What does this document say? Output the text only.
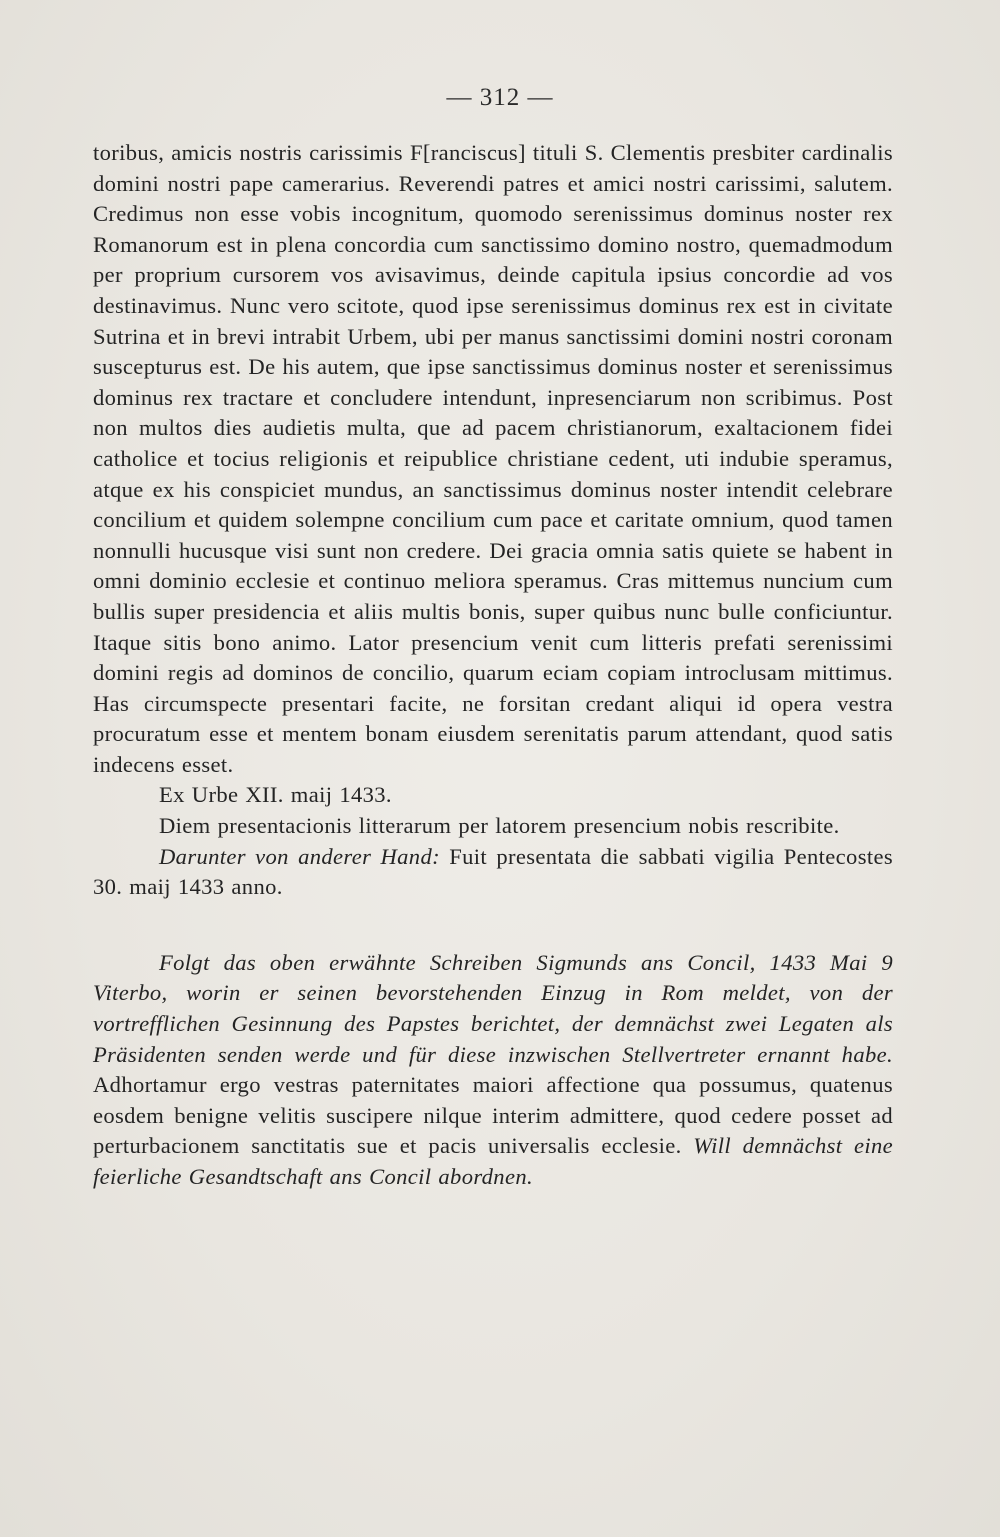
— 312 —

toribus, amicis nostris carissimis F[ranciscus] tituli S. Clementis presbiter cardinalis domini nostri pape camerarius. Reverendi patres et amici nostri carissimi, salutem. Credimus non esse vobis incognitum, quomodo serenissimus dominus noster rex Romanorum est in plena concordia cum sanctissimo domino nostro, quemadmodum per proprium cursorem vos avisavimus, deinde capitula ipsius concordie ad vos destinavimus. Nunc vero scitote, quod ipse serenissimus dominus rex est in civitate Sutrina et in brevi intrabit Urbem, ubi per manus sanctissimi domini nostri coronam suscepturus est. De his autem, que ipse sanctissimus dominus noster et serenissimus dominus rex tractare et concludere intendunt, inpresenciarum non scribimus. Post non multos dies audietis multa, que ad pacem christianorum, exaltacionem fidei catholice et tocius religionis et reipublice christiane cedent, uti indubie speramus, atque ex his conspiciet mundus, an sanctissimus dominus noster intendit celebrare concilium et quidem solempne concilium cum pace et caritate omnium, quod tamen nonnulli hucusque visi sunt non credere. Dei gracia omnia satis quiete se habent in omni dominio ecclesie et continuo meliora speramus. Cras mittemus nuncium cum bullis super presidencia et aliis multis bonis, super quibus nunc bulle conficiuntur. Itaque sitis bono animo. Lator presencium venit cum litteris prefati serenissimi domini regis ad dominos de concilio, quarum eciam copiam introclusam mittimus. Has circumspecte presentari facite, ne forsitan credant aliqui id opera vestra procuratum esse et mentem bonam eiusdem serenitatis parum attendant, quod satis indecens esset.

Ex Urbe XII. maij 1433.

Diem presentacionis litterarum per latorem presencium nobis rescribite.

Darunter von anderer Hand: Fuit presentata die sabbati vigilia Pentecostes 30. maij 1433 anno.

Folgt das oben erwähnte Schreiben Sigmunds ans Concil, 1433 Mai 9 Viterbo, worin er seinen bevorstehenden Einzug in Rom meldet, von der vortrefflichen Gesinnung des Papstes berichtet, der demnächst zwei Legaten als Präsidenten senden werde und für diese inzwischen Stellvertreter ernannt habe. Adhortamur ergo vestras paternitates maiori affectione qua possumus, quatenus eosdem benigne velitis suscipere nilque interim admittere, quod cedere posset ad perturbacionem sanctitatis sue et pacis universalis ecclesie. Will demnächst eine feierliche Gesandtschaft ans Concil abordnen.
